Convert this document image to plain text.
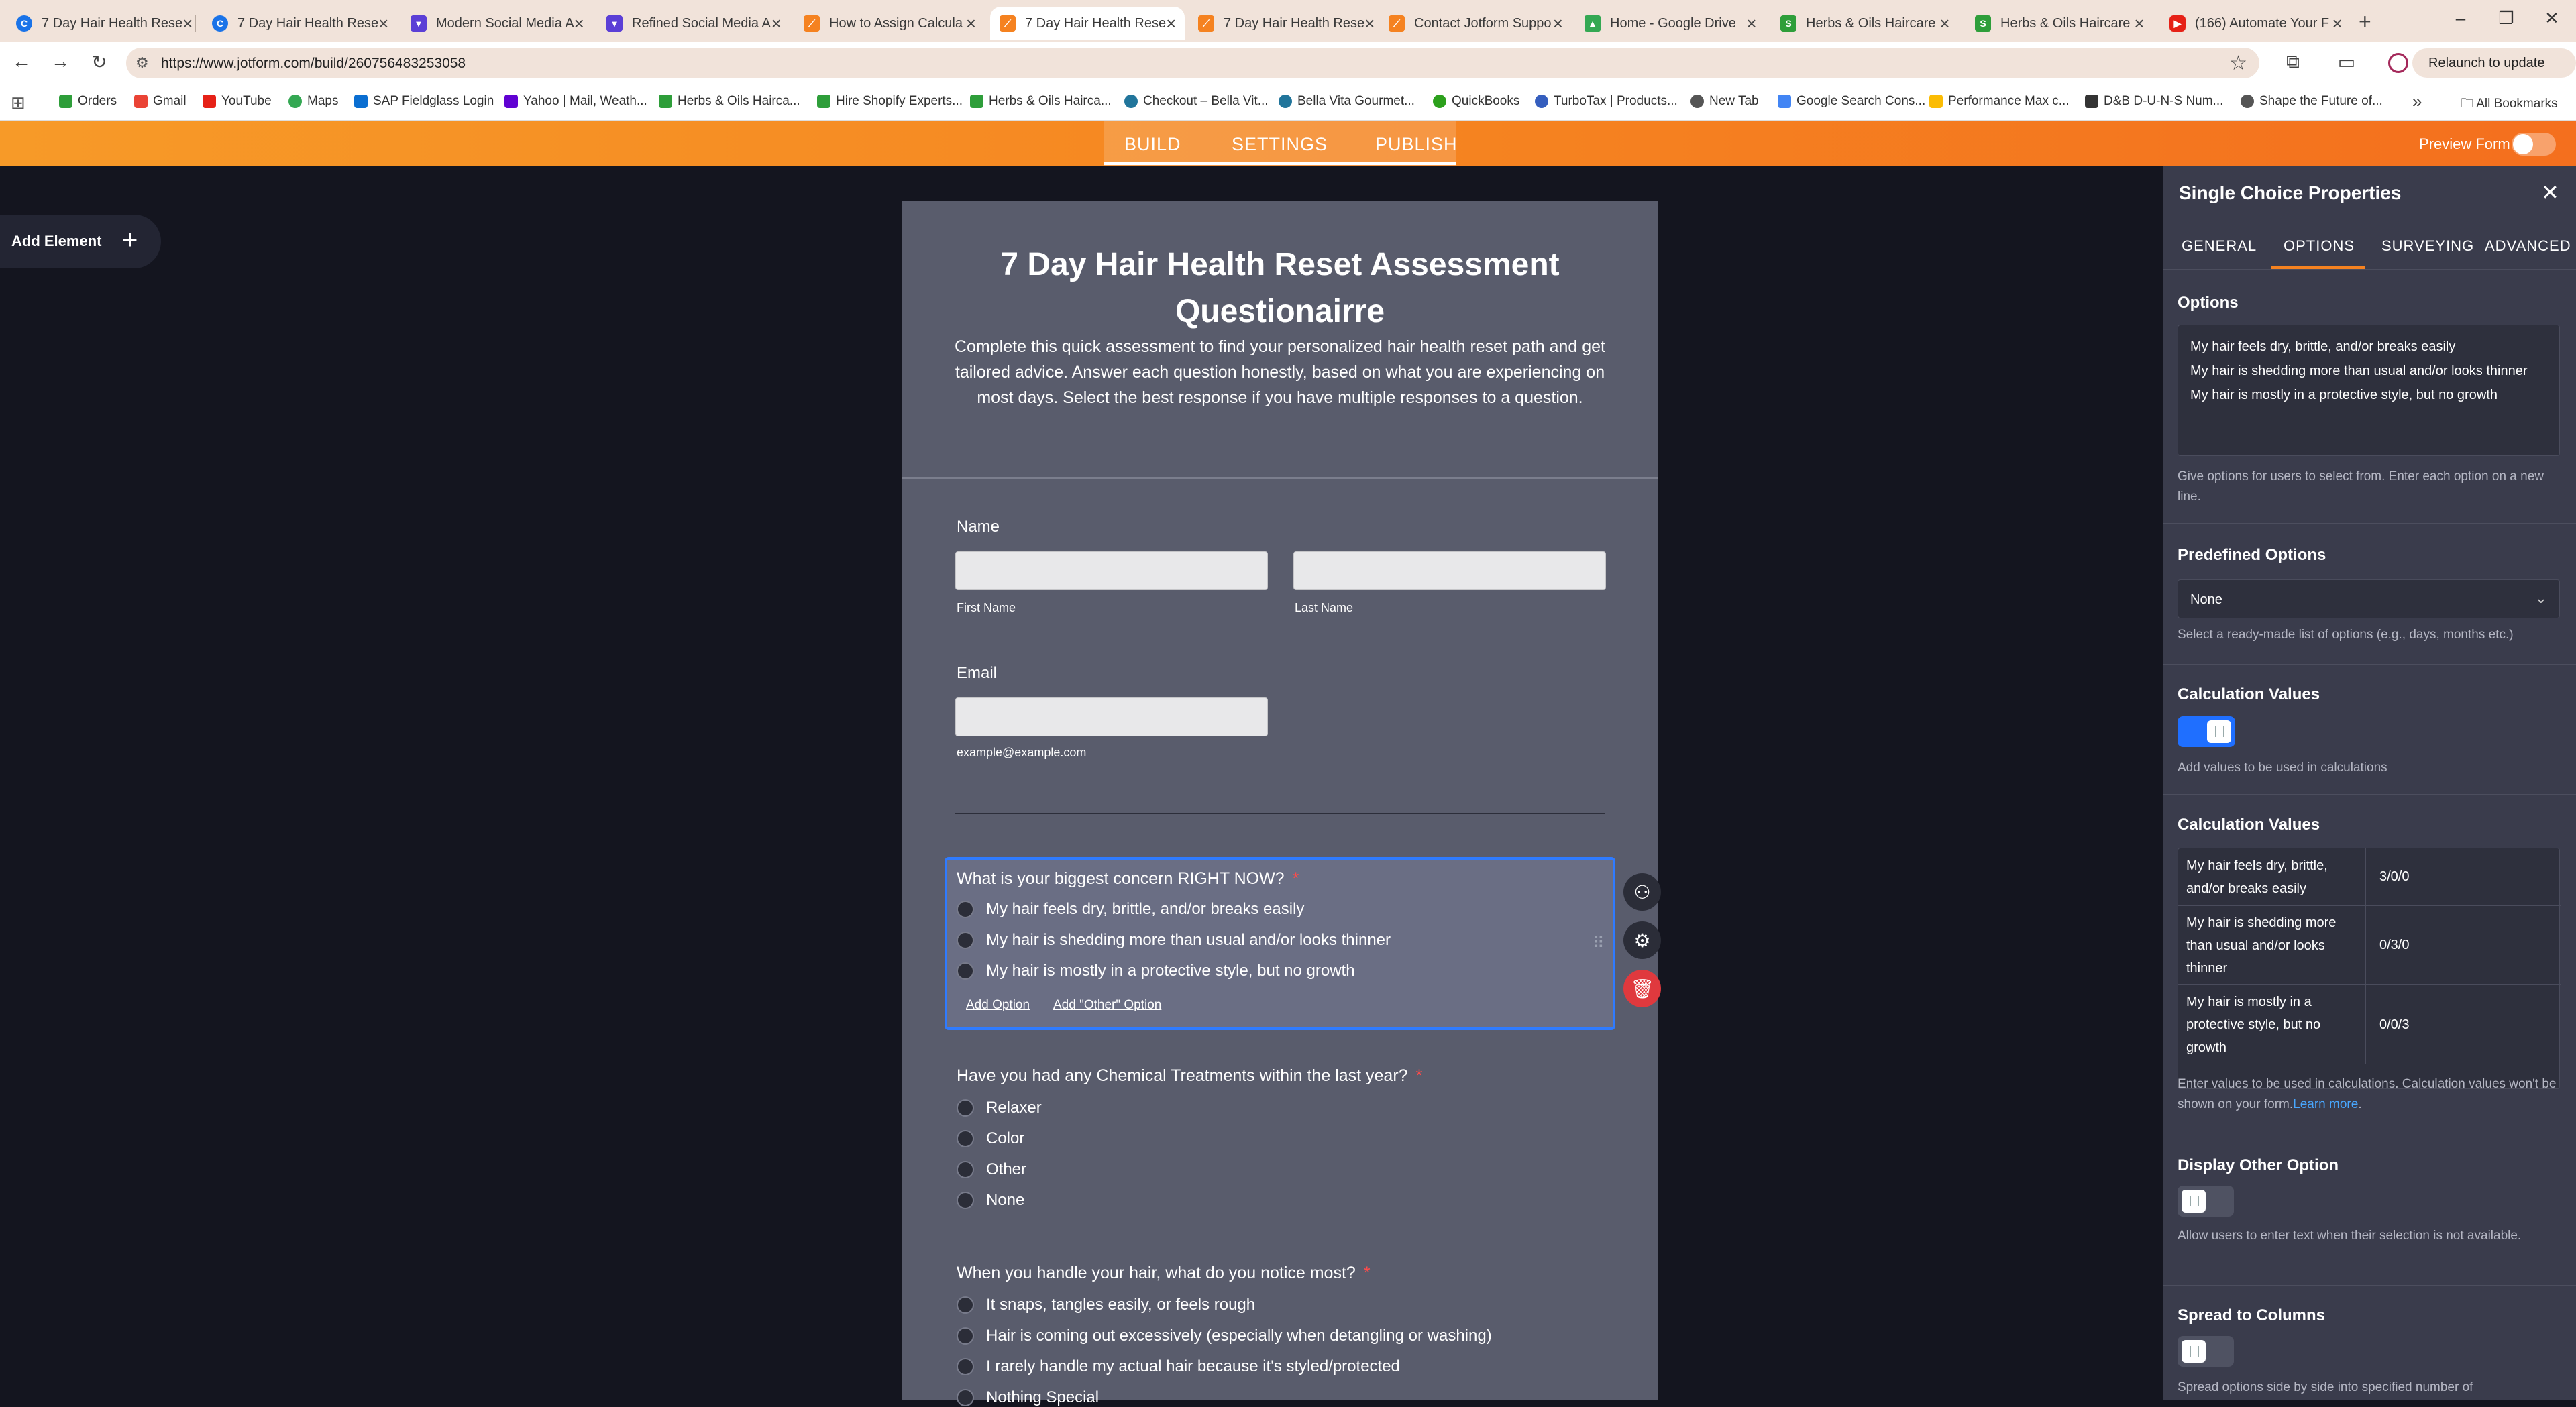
C	7 Day Hair Health Rese ×	C	7 Day Hair Health Rese ×	▾	Modern Social Media A ×	▾	Refined Social Media A ×	⟋	How to Assign Calcula ×	⟋	7 Day Hair Health Rese ×	⟋	7 Day Hair Health Rese ×	⟋	Contact Jotform Suppo ×	▲ Home - Google Drive ×	S	Herbs & Oils Haircare ×	S	Herbs & Oils Haircare ×	▶	(166) Automate Your F × +	–	❐	✕
← → ↻	⚙ https://www.jotform.com/build/260756483253058	☆	⧉	▭	Relaunch to update
⊞	Orders	Gmail	YouTube	Maps	SAP Fieldglass Login Yahoo | Mail, Weath... Herbs & Oils Hairca...	Hire Shopify Experts... Herbs & Oils Hairca... Checkout – Bella Vit... Bella Vita Gourmet...	QuickBooks	TurboTax | Products... New Tab	Google Search Cons... Performance Max c...	D&B D-U-N-S Num...	Shape the Future of... »	🗀 All Bookmarks
BUILD	SETTINGS	PUBLISH	Preview Form
Add Element +
7 Day Hair Health Reset Assessment Questionairre
Complete this quick assessment to find your personalized hair health reset path and get tailored advice. Answer each question honestly, based on what you are experiencing on most days. Select the best response if you have multiple responses to a question.
Name
First Name	Last Name
Email
example@example.com
What is your biggest concern RIGHT NOW? *
My hair feels dry, brittle, and/or breaks easily
My hair is shedding more than usual and/or looks thinner
My hair is mostly in a protective style, but no growth
Add Option Add "Other" Option
⠿
Have you had any Chemical Treatments within the last year? *
Relaxer
Color
Other
None
When you handle your hair, what do you notice most? *
It snaps, tangles easily, or feels rough
Hair is coming out excessively (especially when detangling or washing)
I rarely handle my actual hair because it's styled/protected
Nothing Special
⚇
⚙
🗑
Single Choice Properties	✕
GENERAL OPTIONS SURVEYING ADVANCED
Options
My hair feels dry, brittle, and/or breaks easily
My hair is shedding more than usual and/or looks thinner
My hair is mostly in a protective style, but no growth
Give options for users to select from. Enter each option on a new line.
Predefined Options
None	⌄
Select a ready-made list of options (e.g., days, months etc.)
Calculation Values
Add values to be used in calculations
Calculation Values
My hair feels dry, brittle, and/or breaks easily
3/0/0
My hair is shedding more than usual and/or looks thinner
0/3/0
My hair is mostly in a protective style, but no growth
0/0/3
Enter values to be used in calculations. Calculation values won't be shown on your form.Learn more.
Display Other Option
Allow users to enter text when their selection is not available.
Spread to Columns
Spread options side by side into specified number of
